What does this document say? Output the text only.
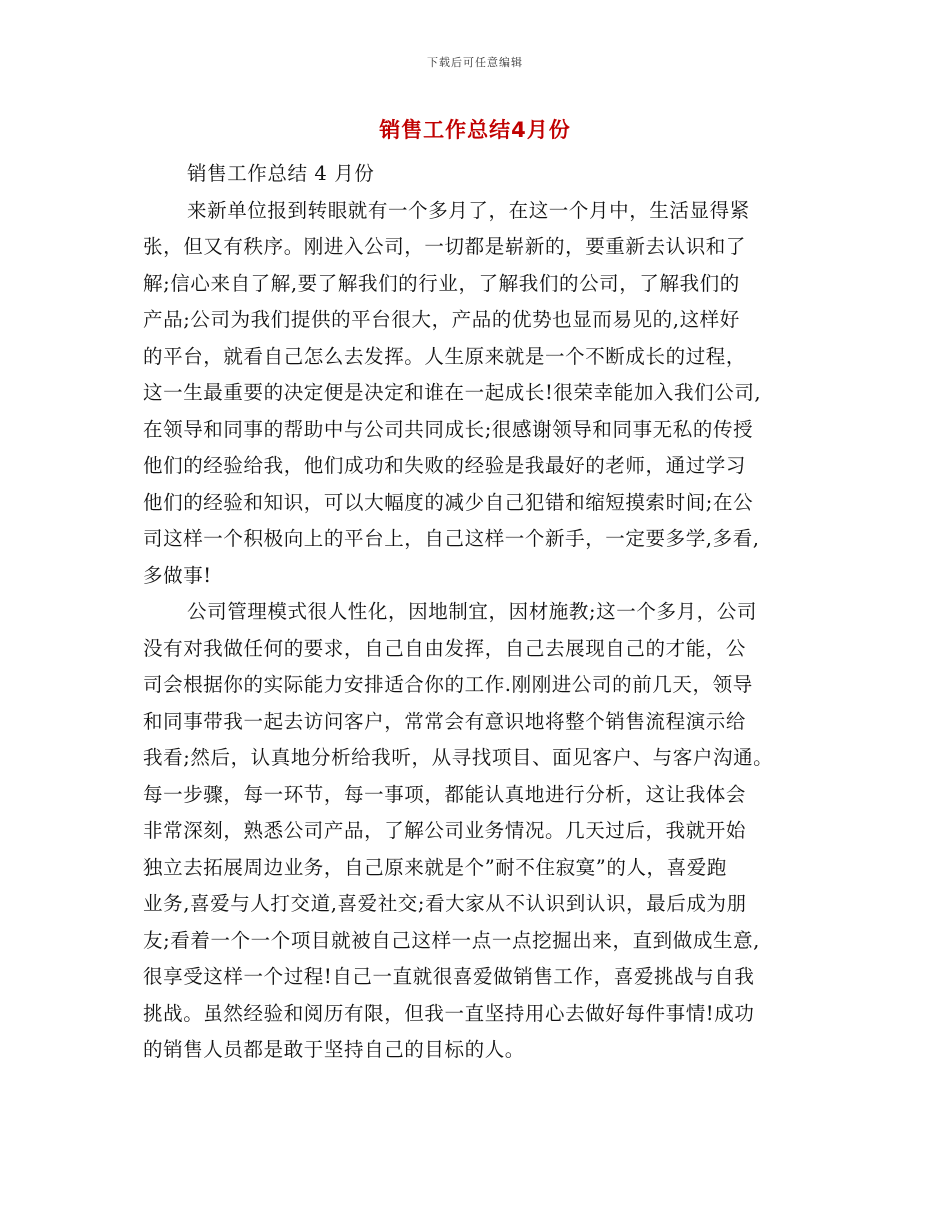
下载后可任意编辑
销售工作总结4月份
销售工作总结 4 月份
来新单位报到转眼就有一个多月了，在这一个月中，生活显得紧
张，但又有秩序。刚进入公司，一切都是崭新的，要重新去认识和了
解;信心来自了解,要了解我们的行业，了解我们的公司，了解我们的
产品;公司为我们提供的平台很大，产品的优势也显而易见的,这样好
的平台，就看自己怎么去发挥。人生原来就是一个不断成长的过程，
这一生最重要的决定便是决定和谁在一起成长!很荣幸能加入我们公司,
在领导和同事的帮助中与公司共同成长;很感谢领导和同事无私的传授
他们的经验给我，他们成功和失败的经验是我最好的老师，通过学习
他们的经验和知识，可以大幅度的减少自己犯错和缩短摸索时间;在公
司这样一个积极向上的平台上，自己这样一个新手，一定要多学,多看,
多做事!
公司管理模式很人性化，因地制宜，因材施教;这一个多月，公司
没有对我做任何的要求，自己自由发挥，自己去展现自己的才能，公
司会根据你的实际能力安排适合你的工作.刚刚进公司的前几天，领导
和同事带我一起去访问客户，常常会有意识地将整个销售流程演示给
我看;然后，认真地分析给我听，从寻找项目、面见客户、与客户沟通。
每一步骤，每一环节，每一事项，都能认真地进行分析，这让我体会
非常深刻，熟悉公司产品，了解公司业务情况。几天过后，我就开始
独立去拓展周边业务，自己原来就是个”耐不住寂寞”的人，喜爱跑
业务,喜爱与人打交道,喜爱社交;看大家从不认识到认识，最后成为朋
友;看着一个一个项目就被自己这样一点一点挖掘出来，直到做成生意,
很享受这样一个过程!自己一直就很喜爱做销售工作，喜爱挑战与自我
挑战。虽然经验和阅历有限，但我一直坚持用心去做好每件事情!成功
的销售人员都是敢于坚持自己的目标的人。
